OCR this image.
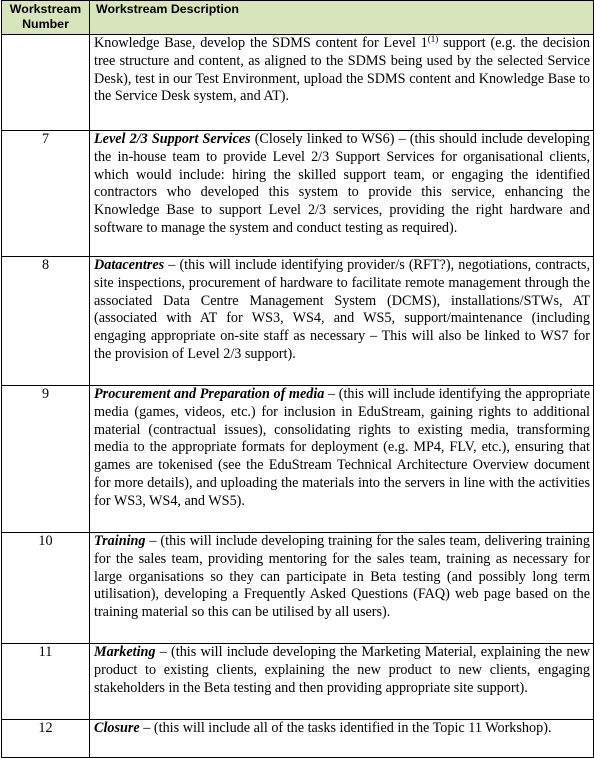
Workstream Number	Workstream Description
	Knowledge Base, develop the SDMS content for Level 1$^{(1)}$ support (e.g. the decision tree structure and content, as aligned to the SDMS being used by the selected Service Desk), test in our Test Environment, upload the SDMS content and Knowledge Base to the Service Desk system, and AT).
7	Level 2/3 Support Services (Closely linked to WS6) – (this should include developing the in-house team to provide Level 2/3 Support Services for organisational clients, which would include: hiring the skilled support team, or engaging the identified contractors who developed this system to provide this service, enhancing the Knowledge Base to support Level 2/3 services, providing the right hardware and software to manage the system and conduct testing as required).
8	Datacentres – (this will include identifying provider/s (RFT?), negotiations, contracts, site inspections, procurement of hardware to facilitate remote management through the associated Data Centre Management System (DCMS), installations/STWs, AT (associated with AT for WS3, WS4, and WS5, support/maintenance (including engaging appropriate on-site staff as necessary – This will also be linked to WS7 for the provision of Level 2/3 support).
9	Procurement and Preparation of media – (this will include identifying the appropriate media (games, videos, etc.) for inclusion in EduStream, gaining rights to additional material (contractual issues), consolidating rights to existing media, transforming media to the appropriate formats for deployment (e.g. MP4, FLV, etc.), ensuring that games are tokenised (see the EduStream Technical Architecture Overview document for more details), and uploading the materials into the servers in line with the activities for WS3, WS4, and WS5).
10	Training – (this will include developing training for the sales team, delivering training for the sales team, providing mentoring for the sales team, training as necessary for large organisations so they can participate in Beta testing (and possibly long term utilisation), developing a Frequently Asked Questions (FAQ) web page based on the training material so this can be utilised by all users).
11	Marketing – (this will include developing the Marketing Material, explaining the new product to existing clients, explaining the new product to new clients, engaging stakeholders in the Beta testing and then providing appropriate site support).
12	Closure – (this will include all of the tasks identified in the Topic 11 Workshop).
